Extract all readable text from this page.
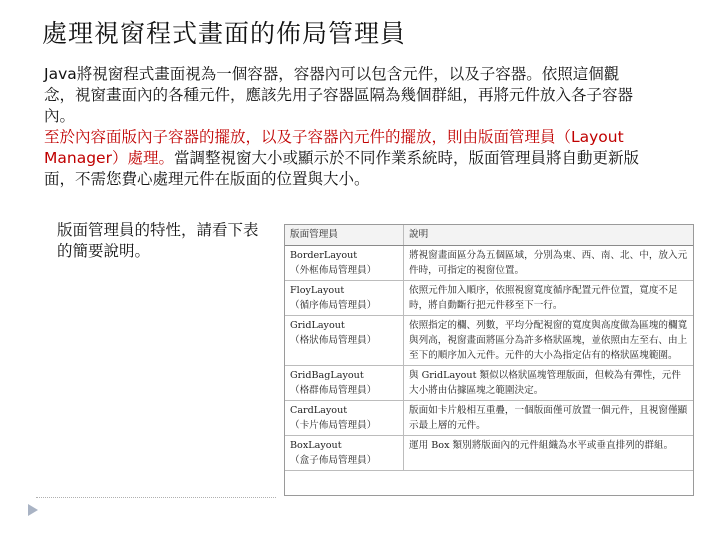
處理視窗程式畫面的佈局管理員

Java將視窗程式畫面視為一個容器，容器內可以包含元件，以及子容器。依照這個觀念，視窗畫面內的各種元件，應該先用子容器區隔為幾個群組，再將元件放入各子容器內。

至於內容面版內子容器的擺放，以及子容器內元件的擺放，則由版面管理員（Layout Manager）處理。當調整視窗大小或顯示於不同作業系統時，版面管理員將自動更新版面，不需您費心處理元件在版面的位置與大小。

版面管理員的特性，請看下表的簡要說明。
版面管理員	說明
BorderLayout
（外框佈局管理員）	將視窗畫面區分為五個區域，分別為東、西、南、北、中，放入元件時，可指定的視窗位置。
FloyLayout
（循序佈局管理員）	依照元件加入順序，依照視窗寬度循序配置元件位置，寬度不足時，將自動斷行把元件移至下一行。
GridLayout
（格狀佈局管理員）	依照指定的欄、列數，平均分配視窗的寬度與高度做為區塊的欄寬與列高，視窗畫面將區分為許多格狀區塊，並依照由左至右、由上至下的順序加入元件。元件的大小為指定佔有的格狀區塊範圍。
GridBagLayout
（格群佈局管理員）	與 GridLayout 類似以格狀區塊管理版面，但較為有彈性，元件大小將由佔據區塊之範圍決定。
CardLayout
（卡片佈局管理員）	版面如卡片般相互重疊，一個版面僅可放置一個元件，且視窗僅顯示最上層的元件。
BoxLayout
（盒子佈局管理員）	運用 Box 類別將版面內的元件組織為水平或垂直排列的群組。
